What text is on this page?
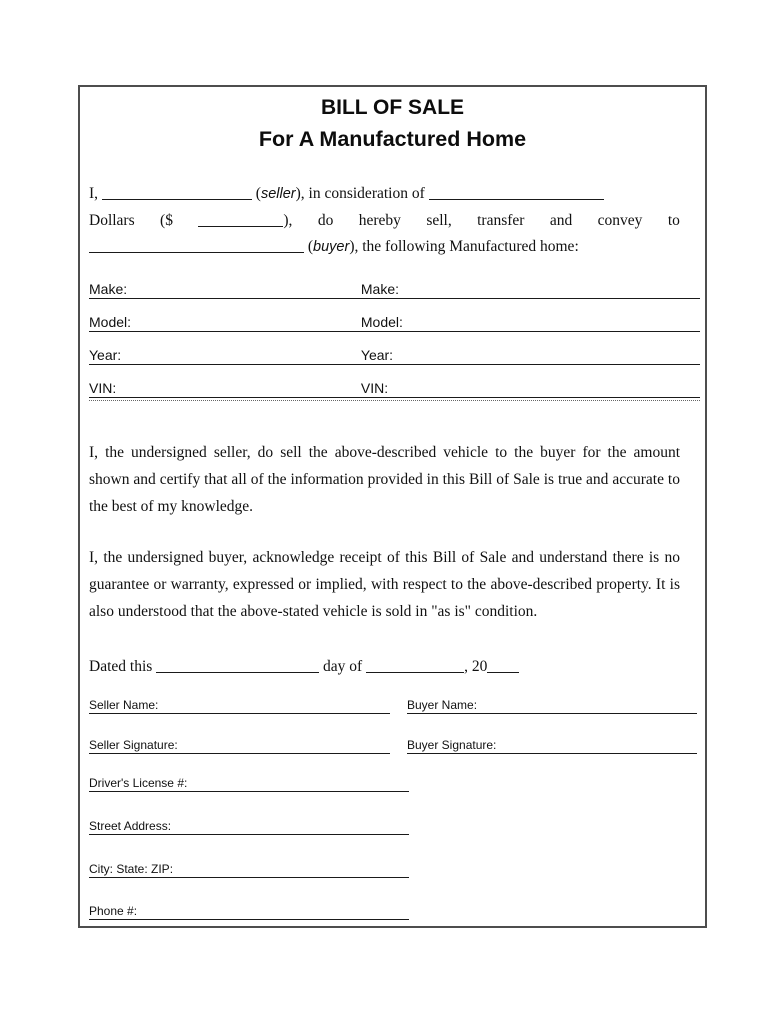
BILL OF SALE
For A Manufactured Home
I,	(seller), in consideration of
Dollars ($	), do hereby sell, transfer and convey to
(buyer), the following Manufactured home:
Make:	Make:
Model:	Model:
Year:	Year:
VIN:	VIN:
I, the undersigned seller, do sell the above-described vehicle to the buyer for the amount shown and certify that all of the information provided in this Bill of Sale is true and accurate to the best of my knowledge.
I, the undersigned buyer, acknowledge receipt of this Bill of Sale and understand there is no guarantee or warranty, expressed or implied, with respect to the above-described property. It is also understood that the above-stated vehicle is sold in "as is" condition.
Dated this	day of	, 20
Seller Name:	Buyer Name:
Seller Signature:	Buyer Signature:
Driver's License #:
Street Address:
City: State: ZIP:
Phone #:
